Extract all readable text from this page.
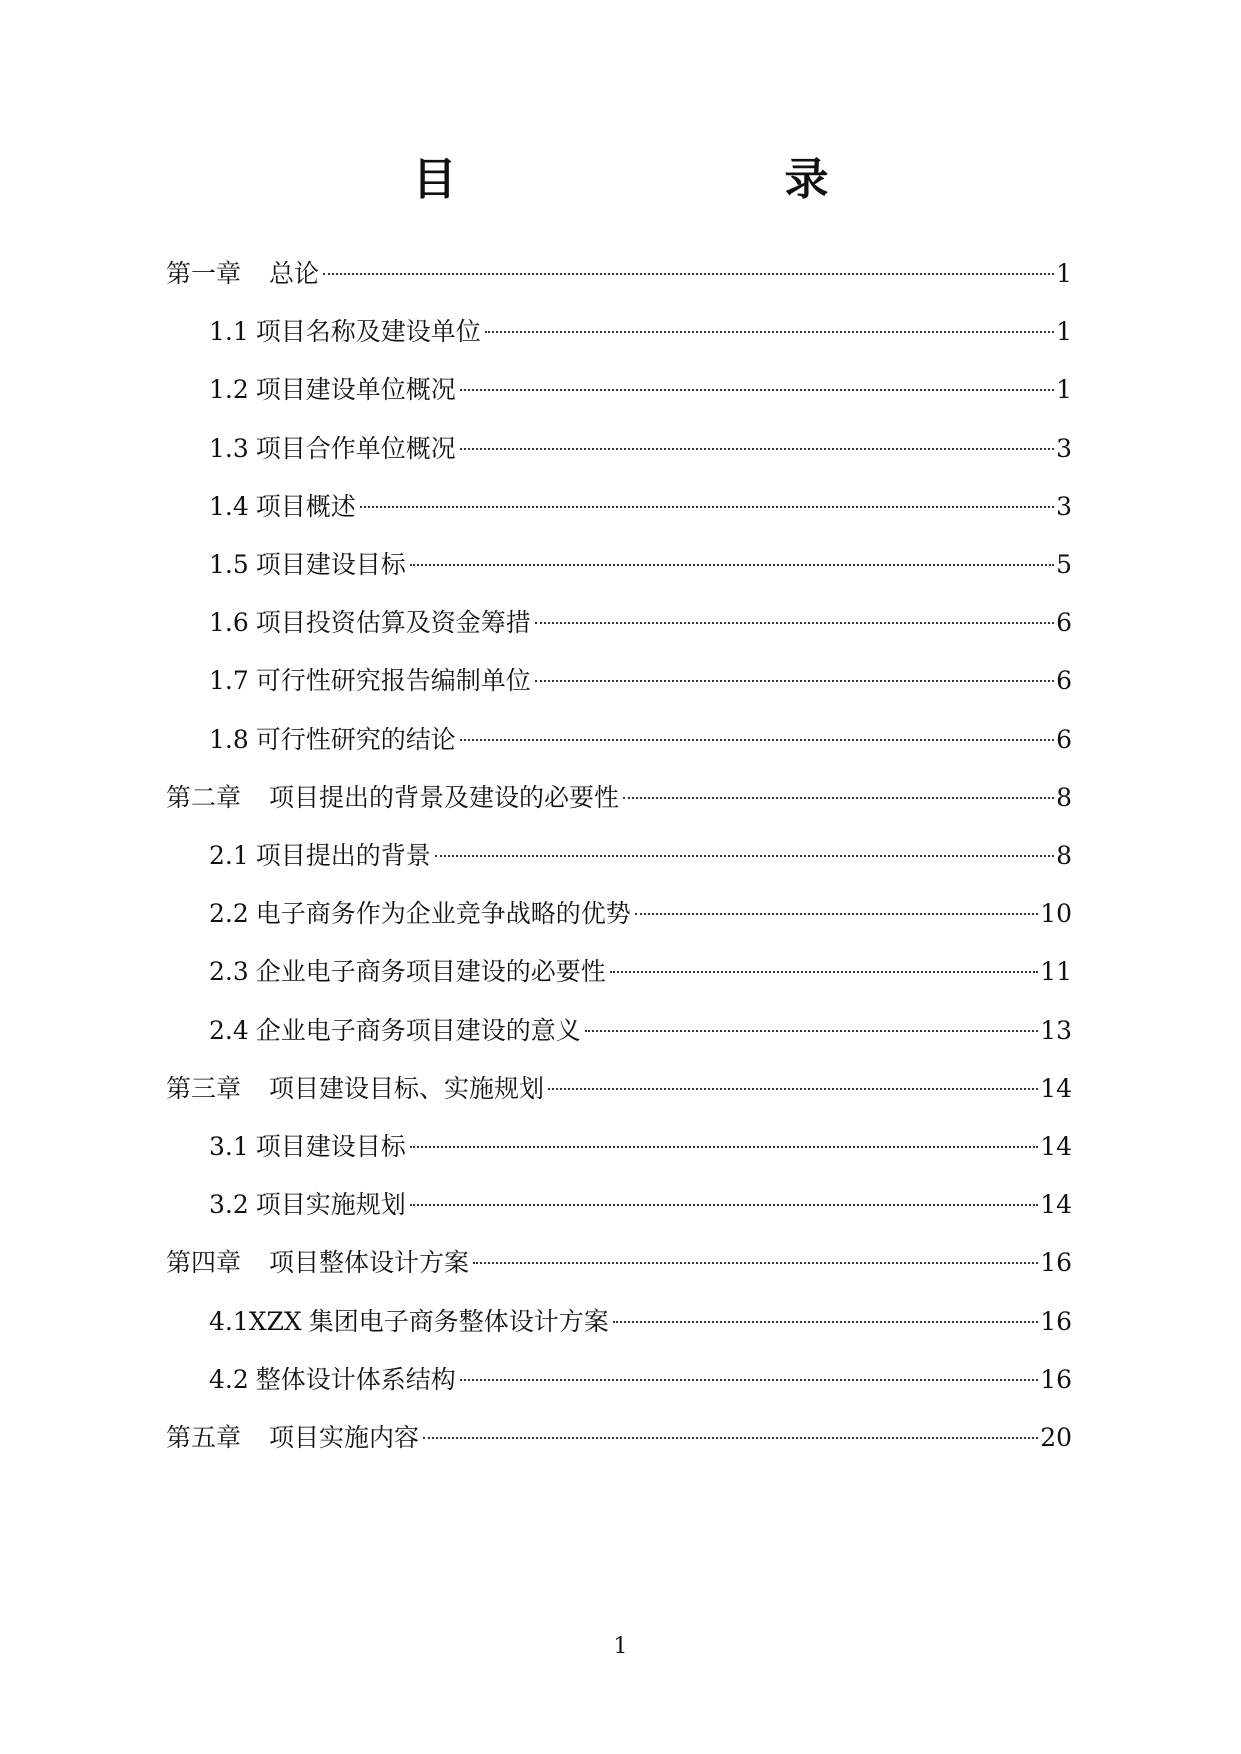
目　　录
第一章 总论	1
1.1 项目名称及建设单位	1
1.2 项目建设单位概况	1
1.3 项目合作单位概况	3
1.4 项目概述	3
1.5 项目建设目标	5
1.6 项目投资估算及资金筹措	6
1.7 可行性研究报告编制单位	6
1.8 可行性研究的结论	6
第二章 项目提出的背景及建设的必要性	8
2.1 项目提出的背景	8
2.2 电子商务作为企业竞争战略的优势	10
2.3 企业电子商务项目建设的必要性	11
2.4 企业电子商务项目建设的意义	13
第三章 项目建设目标、实施规划	14
3.1 项目建设目标	14
3.2 项目实施规划	14
第四章 项目整体设计方案	16
4.1XZX 集团电子商务整体设计方案	16
4.2 整体设计体系结构	16
第五章 项目实施内容	20
1
